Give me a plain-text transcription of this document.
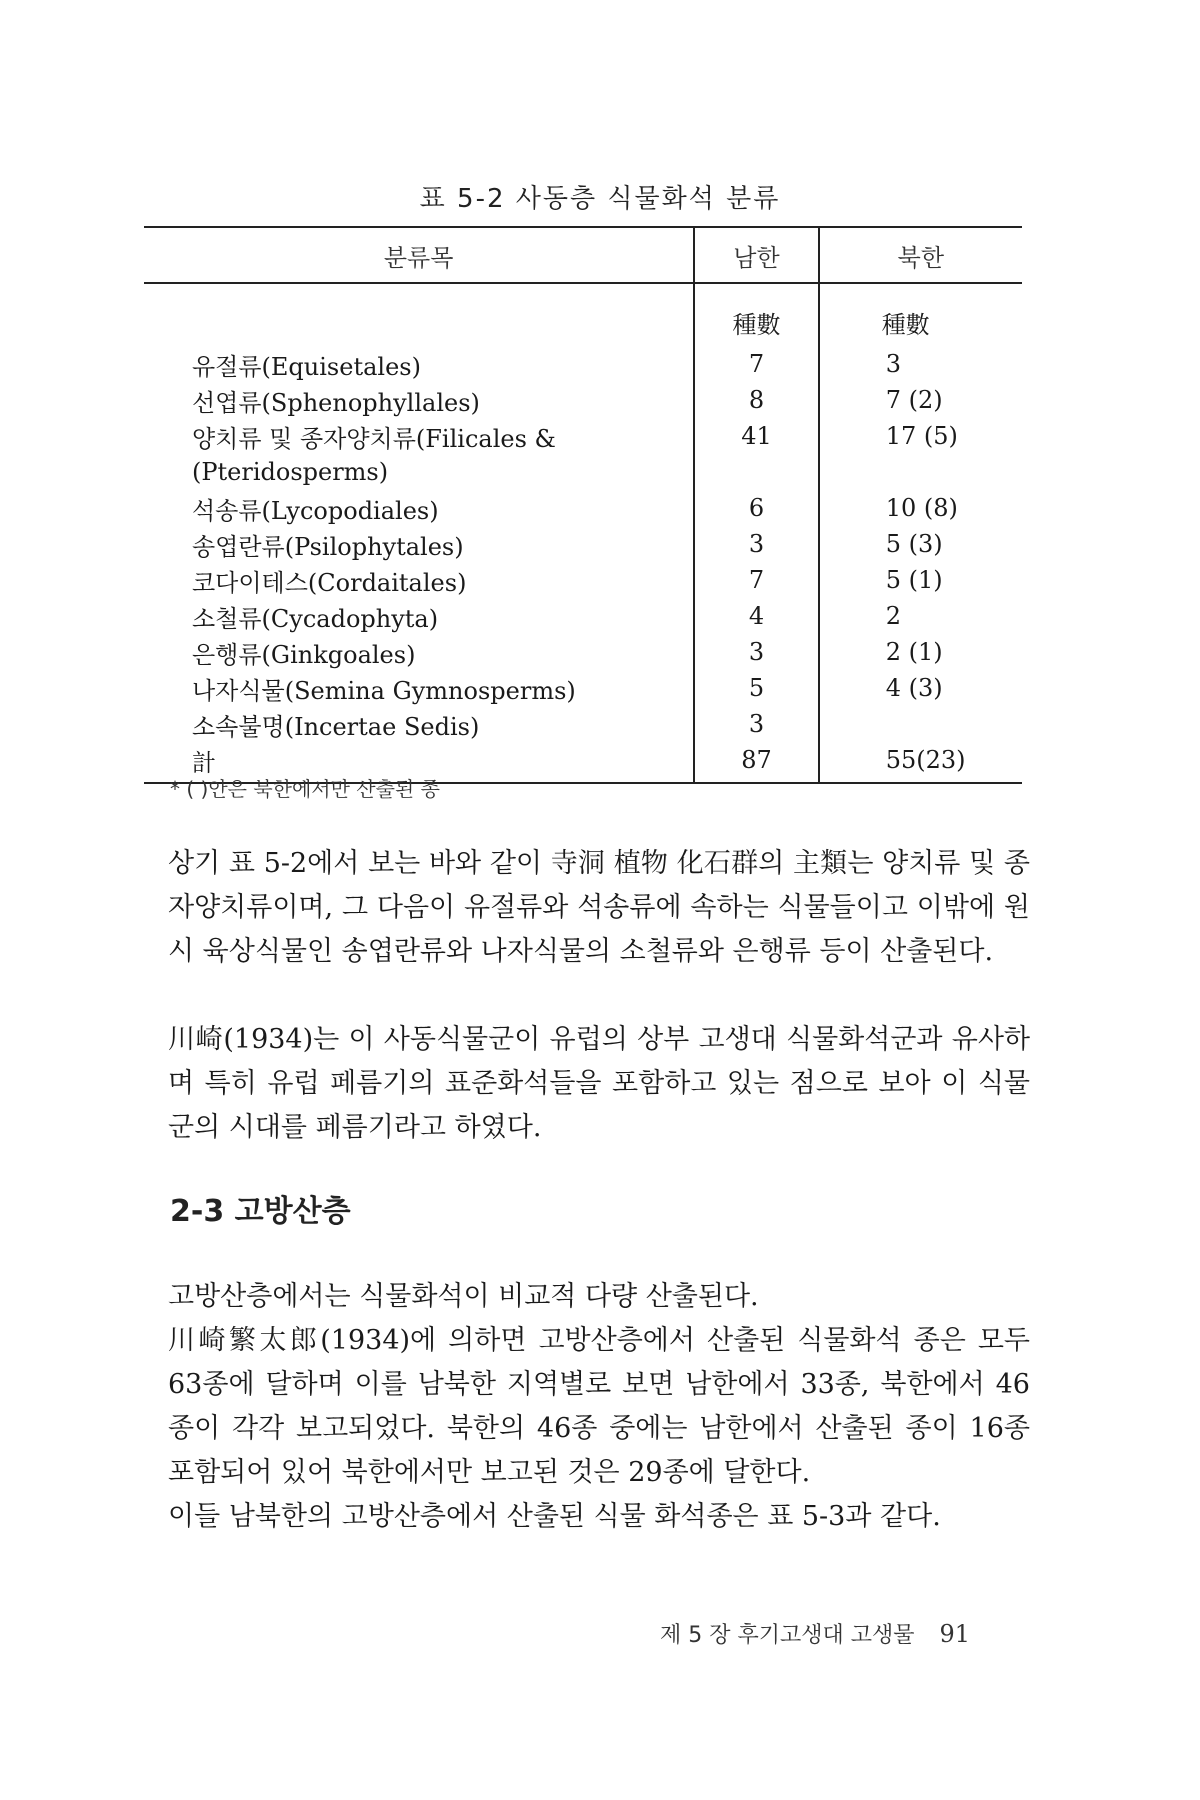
표 5-2 사동층 식물화석 분류
분류목	남한	북한
	種數	種數
유절류(Equisetales)	7	3
선엽류(Sphenophyllales)	8	7 (2)
양치류 및 종자양치류(Filicales &	41	17 (5)
(Pteridosperms)		
석송류(Lycopodiales)	6	10 (8)
송엽란류(Psilophytales)	3	5 (3)
코다이테스(Cordaitales)	7	5 (1)
소철류(Cycadophyta)	4	2
은행류(Ginkgoales)	3	2 (1)
나자식물(Semina Gymnosperms)	5	4 (3)
소속불명(Incertae Sedis)	3	
計	87	55(23)
* ( )안은 북한에서만 산출된 종

상기 표 5-2에서 보는 바와 같이 寺洞 植物 化石群의 主類는 양치류 및 종자양치류이며, 그 다음이 유절류와 석송류에 속하는 식물들이고 이밖에 원시 육상식물인 송엽란류와 나자식물의 소철류와 은행류 등이 산출된다.

川崎(1934)는 이 사동식물군이 유럽의 상부 고생대 식물화석군과 유사하며 특히 유럽 페름기의 표준화석들을 포함하고 있는 점으로 보아 이 식물군의 시대를 페름기라고 하였다.

2-3 고방산층

고방산층에서는 식물화석이 비교적 다량 산출된다.

川崎繁太郎(1934)에 의하면 고방산층에서 산출된 식물화석 종은 모두 63종에 달하며 이를 남북한 지역별로 보면 남한에서 33종, 북한에서 46종이 각각 보고되었다. 북한의 46종 중에는 남한에서 산출된 종이 16종 포함되어 있어 북한에서만 보고된 것은 29종에 달한다.

이들 남북한의 고방산층에서 산출된 식물 화석종은 표 5-3과 같다.

제 5 장 후기고생대 고생물 91
